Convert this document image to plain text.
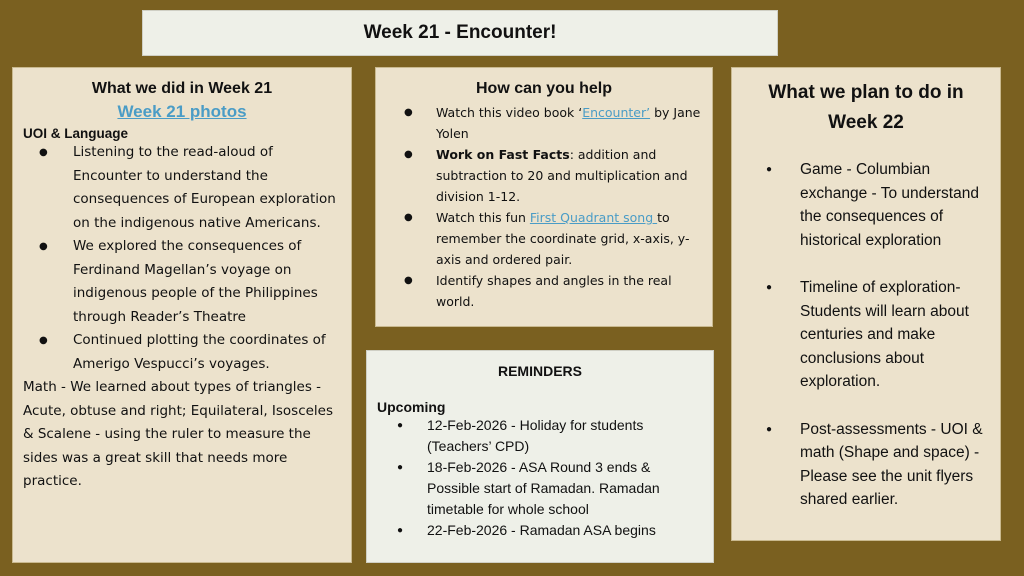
Week 21 - Encounter!
What we did in Week 21
Week 21 photos
UOI & Language
● Listening to the read-aloud of Encounter to understand the consequences of European exploration on the indigenous native Americans.
● We explored the consequences of Ferdinand Magellan’s voyage on indigenous people of the Philippines through Reader’s Theatre
● Continued plotting the coordinates of Amerigo Vespucci’s voyages.
Math - We learned about types of triangles - Acute, obtuse and right; Equilateral, Isosceles & Scalene - using the ruler to measure the sides was a great skill that needs more practice.
How can you help
● Watch this video book ‘Encounter’ by Jane Yolen
● Work on Fast Facts: addition and subtraction to 20 and multiplication and division 1-12.
● Watch this fun First Quadrant song to remember the coordinate grid, x-axis, y-axis and ordered pair.
● Identify shapes and angles in the real world.
REMINDERS
Upcoming
● 12-Feb-2026 - Holiday for students (Teachers’ CPD)
● 18-Feb-2026 - ASA Round 3 ends & Possible start of Ramadan. Ramadan timetable for whole school
● 22-Feb-2026 - Ramadan ASA begins
What we plan to do in Week 22
● Game - Columbian exchange - To understand the consequences of historical exploration
● Timeline of exploration- Students will learn about centuries and make conclusions about exploration.
● Post-assessments - UOI & math (Shape and space) - Please see the unit flyers shared earlier.
